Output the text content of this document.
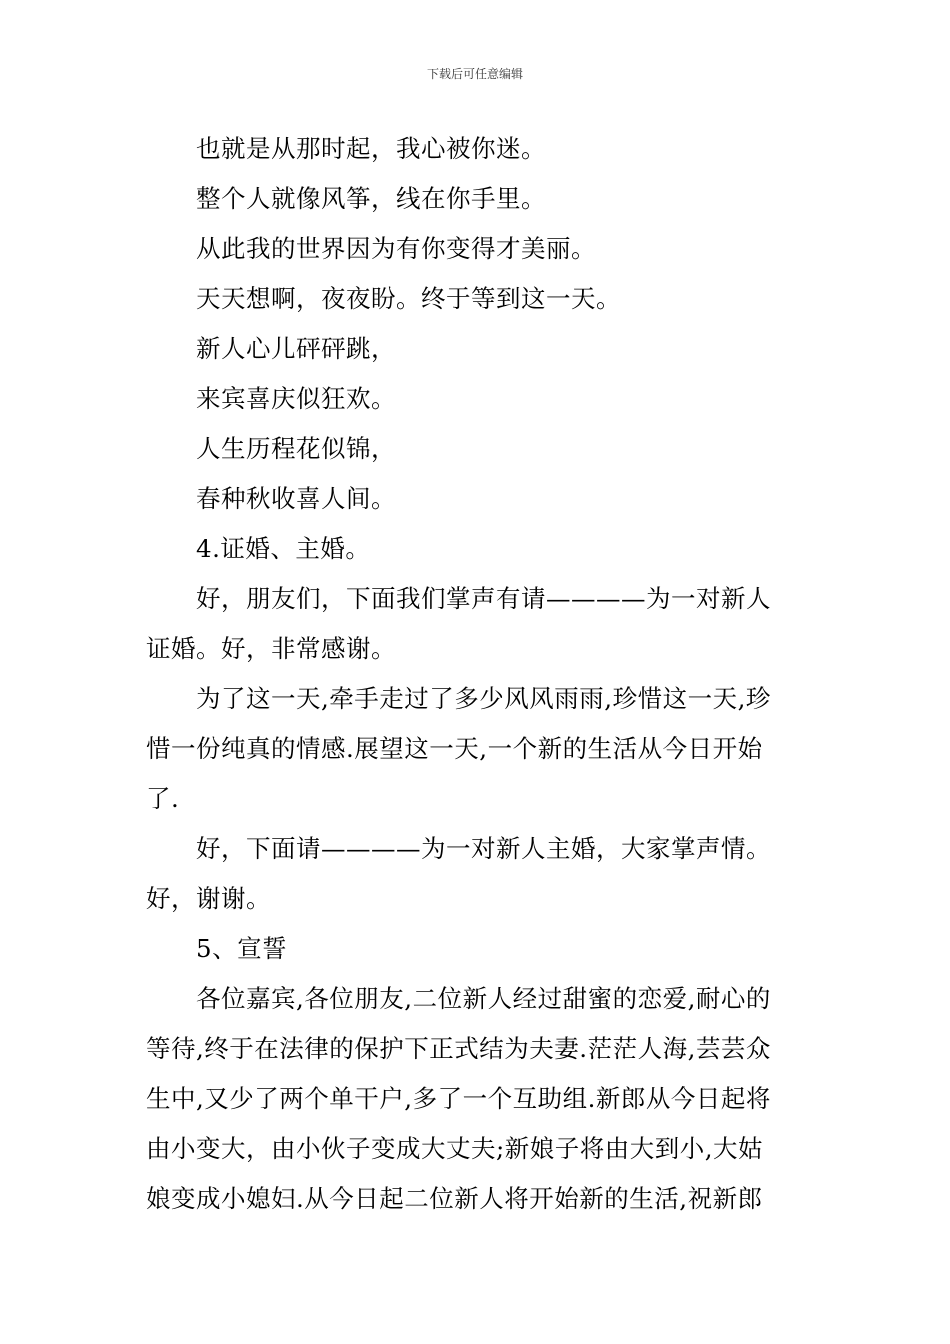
下载后可任意编辑

也就是从那时起，我心被你迷。

整个人就像风筝，线在你手里。

从此我的世界因为有你变得才美丽。

天天想啊，夜夜盼。终于等到这一天。

新人心儿砰砰跳，

来宾喜庆似狂欢。

人生历程花似锦，

春种秋收喜人间。

4.证婚、主婚。

好，朋友们，下面我们掌声有请————为一对新人

证婚。好，非常感谢。

为了这一天,牵手走过了多少风风雨雨,珍惜这一天,珍

惜一份纯真的情感.展望这一天,一个新的生活从今日开始

了.

好，下面请————为一对新人主婚，大家掌声情。

好，谢谢。

5、宣誓

各位嘉宾,各位朋友,二位新人经过甜蜜的恋爱,耐心的

等待,终于在法律的保护下正式结为夫妻.茫茫人海,芸芸众

生中,又少了两个单干户,多了一个互助组.新郎从今日起将

由小变大，由小伙子变成大丈夫;新娘子将由大到小,大姑

娘变成小媳妇.从今日起二位新人将开始新的生活,祝新郎
